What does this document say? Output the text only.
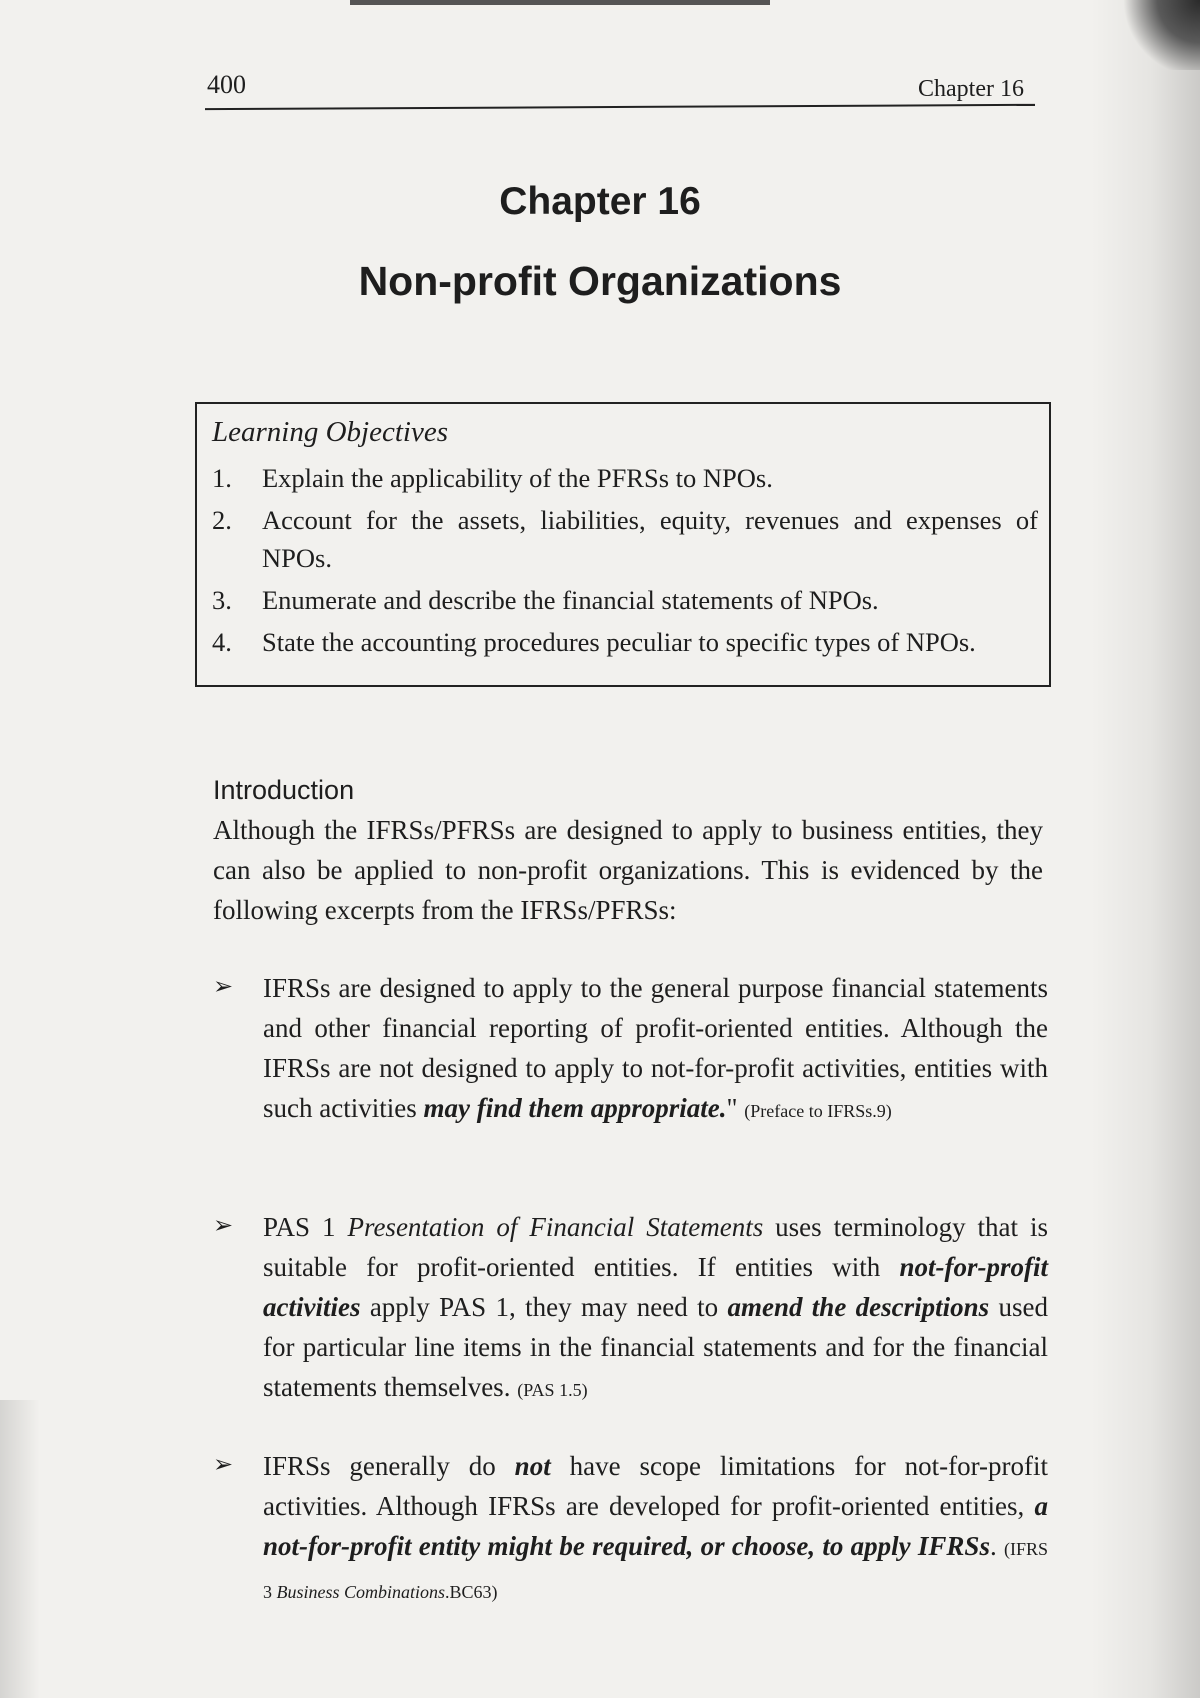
400	Chapter 16
Chapter 16
Non-profit Organizations
Learning Objectives
1. Explain the applicability of the PFRSs to NPOs.
2. Account for the assets, liabilities, equity, revenues and expenses of NPOs.
3. Enumerate and describe the financial statements of NPOs.
4. State the accounting procedures peculiar to specific types of NPOs.
Introduction

Although the IFRSs/PFRSs are designed to apply to business entities, they can also be applied to non-profit organizations. This is evidenced by the following excerpts from the IFRSs/PFRSs:

➢ IFRSs are designed to apply to the general purpose financial statements and other financial reporting of profit-oriented entities. Although the IFRSs are not designed to apply to not-for-profit activities, entities with such activities may find them appropriate." (Preface to IFRSs.9)

➢ PAS 1 Presentation of Financial Statements uses terminology that is suitable for profit-oriented entities. If entities with not-for-profit activities apply PAS 1, they may need to amend the descriptions used for particular line items in the financial statements and for the financial statements themselves. (PAS 1.5)

➢ IFRSs generally do not have scope limitations for not-for-profit activities. Although IFRSs are developed for profit-oriented entities, a not-for-profit entity might be required, or choose, to apply IFRSs. (IFRS 3 Business Combinations.BC63)
